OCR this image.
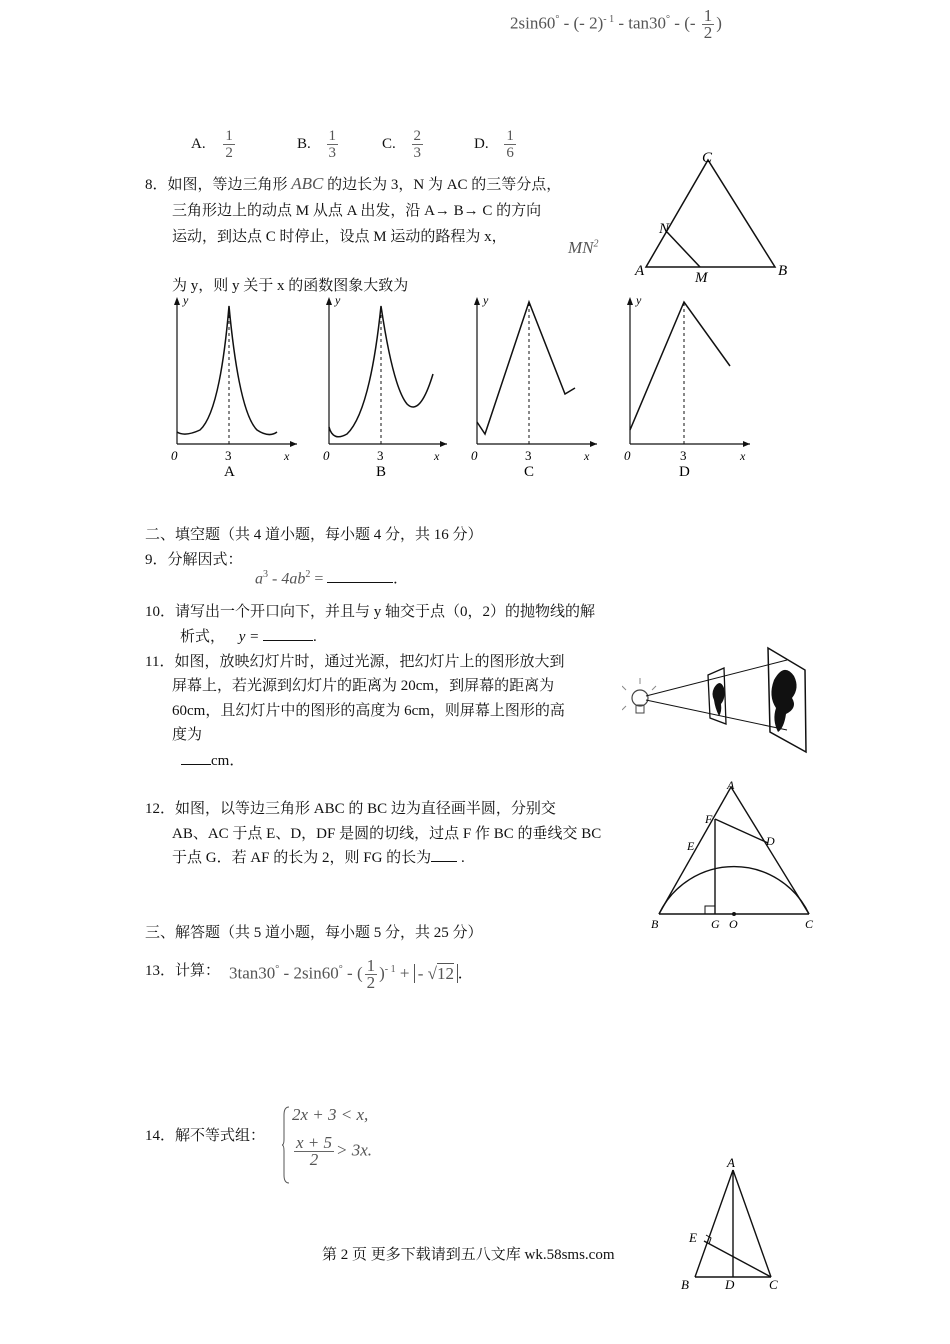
2sin60° - (- 2)$^{- 1}$ - tan30° - (- $\frac{1}{2}$ )
A. $\frac{1}{2}$	B. $\frac{1}{3}$	C. $\frac{2}{3}$	D. $\frac{1}{6}$
8．如图，等边三角形 ABC 的边长为 3，N 为 AC 的三等分点，
三角形边上的动点 M 从点 A 出发，沿 A→ B→ C 的方向
运动，到达点 C 时停止，设点 M 运动的路程为 x，
$MN^2$
为 y，则 y 关于 x 的函数图象大致为
C
A	B
N
M
y
x
0	3
A
y
x
0	3
B
y
x
0	3
C
y
x
0	3
D
二、填空题（共 4 道小题，每小题 4 分，共 16 分）
9．分解因式：
$a^3 - 4ab^2$ =	.
10．请写出一个开口向下，并且与 y 轴交于点（0，2）的抛物线的解
析式， y =	.
11．如图，放映幻灯片时，通过光源，把幻灯片上的图形放大到
屏幕上，若光源到幻灯片的距离为 20cm，到屏幕的距离为
60cm，且幻灯片中的图形的高度为 6cm，则屏幕上图形的高
度为
cm．
12．如图，以等边三角形 ABC 的 BC 边为直径画半圆，分别交
AB、AC 于点 E、D，DF 是圆的切线，过点 F 作 BC 的垂线交 BC
于点 G．若 AF 的长为 2，则 FG 的长为 .
A
F
E	D
B	G O	C
三、解答题（共 5 道小题，每小题 5 分，共 25 分）
13．计算： 3tan30° - 2sin60° - ( $\frac{1}{2} )^{- 1}$ + - √12 .
14．解不等式组：
2x + 3 < x,
$\frac{x + 5}{2} > 3x$.
A
E
B	D	C
第 2 页 更多下载请到五八文库 wk.58sms.com
